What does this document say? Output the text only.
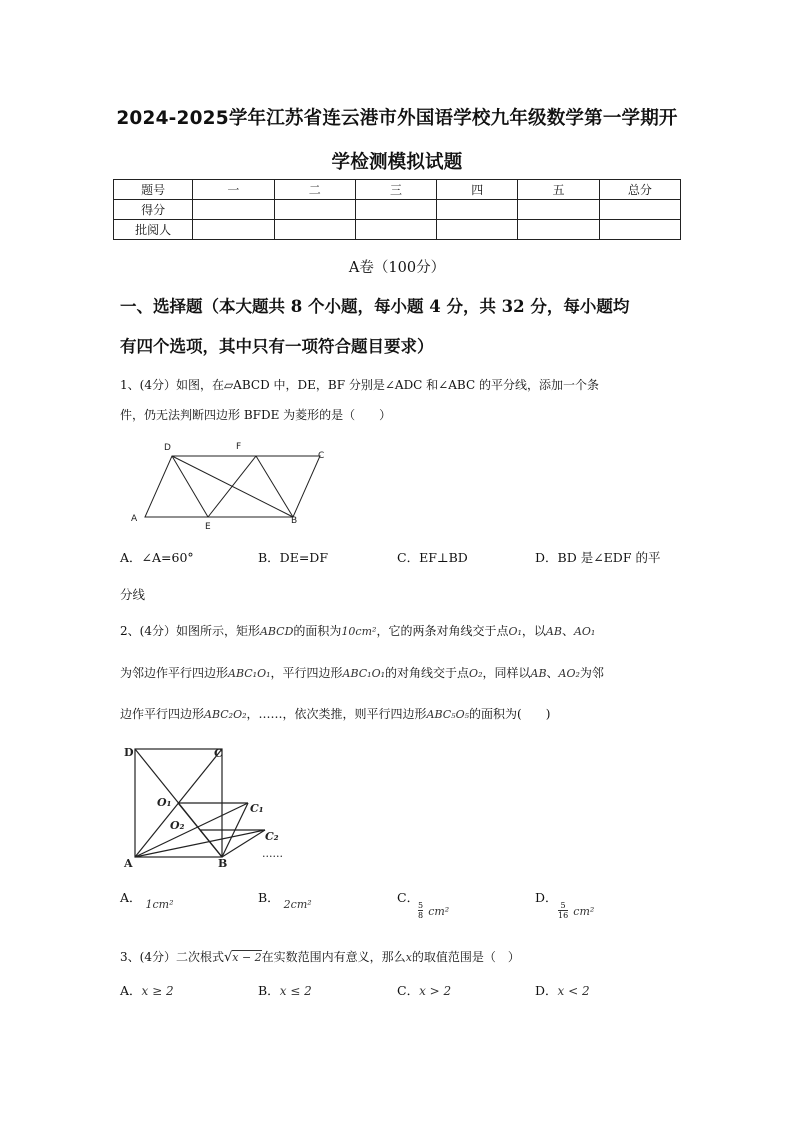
2024-2025学年江苏省连云港市外国语学校九年级数学第一学期开
学检测模拟试题
题号	一	二	三	四	五	总分
得分						
批阅人						
A卷（100分）
一、选择题（本大题共 8 个小题，每小题 4 分，共 32 分，每小题均
有四个选项，其中只有一项符合题目要求）
1、(4分）如图，在▱ABCD 中，DE，BF 分别是∠ADC 和∠ABC 的平分线，添加一个条
件，仍无法判断四边形 BFDE 为菱形的是（　　）
D	F
C
A
E
B
A．∠A=60°	B．DE=DF	C．EF⊥BD	D．BD 是∠EDF 的平
分线
2、(4分）如图所示，矩形ABCD的面积为10cm²，它的两条对角线交于点O₁，以AB、AO₁
为邻边作平行四边形ABC₁O₁，平行四边形ABC₁O₁的对角线交于点O₂，同样以AB、AO₂为邻
边作平行四边形ABC₂O₂，……，依次类推，则平行四边形ABC₅O₅的面积为(　　)
D	C
O₁	C₁
O₂
C₂
A	B
......
A． 1cm²	B． 2cm²	C．
$\frac{5}{8} cm^2$
D．
$\frac{5}{16} cm^2$
3、(4分）二次根式√x − 2在实数范围内有意义，那么x的取值范围是（　）
A．x ≥ 2	B．x ≤ 2	C．x > 2	D．x < 2
